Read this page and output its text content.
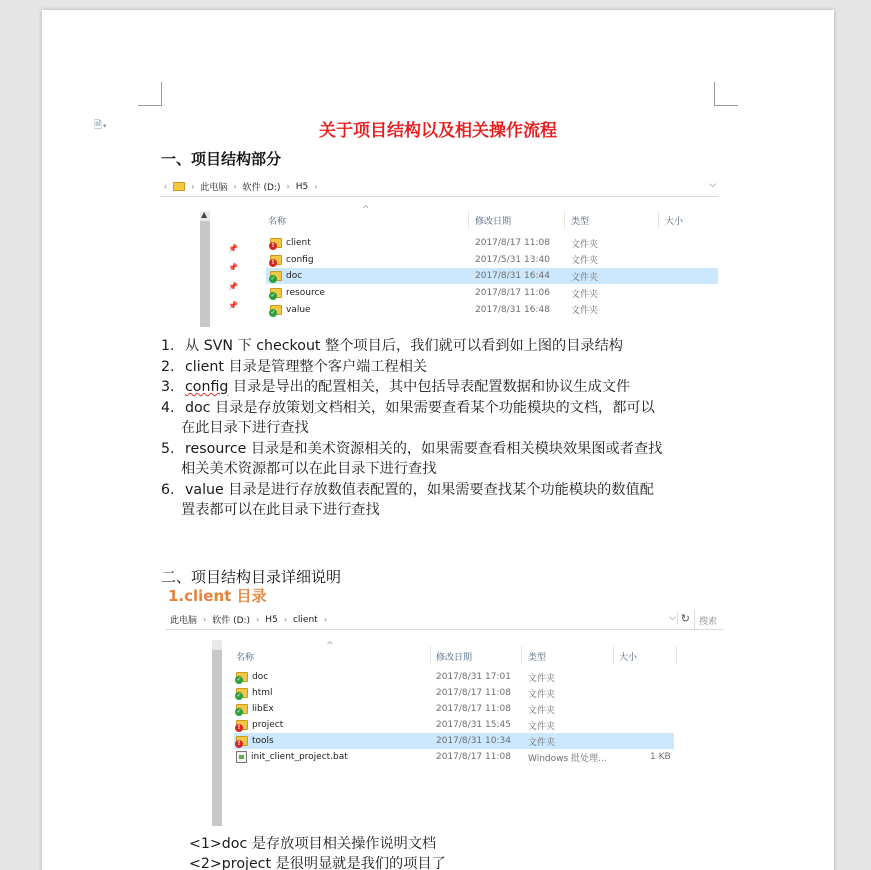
🗎▾	关于项目结构以及相关操作流程
一、项目结构部分
‹	› 此电脑 › 软件 (D:) › H5 ›	⌵
▲
📌
📌
📌
📌
^
名称	修改日期	类型	大小
! client	2017/8/17 11:08 文件夹
! config	2017/5/31 13:40 文件夹
✓ doc	2017/8/31 16:44 文件夹
✓ resource	2017/8/17 11:06 文件夹
✓ value	2017/8/31 16:48 文件夹
1. 从 SVN 下 checkout 整个项目后，我们就可以看到如上图的目录结构
2. client 目录是管理整个客户端工程相关
3. config 目录是导出的配置相关，其中包括导表配置数据和协议生成文件
4. doc 目录是存放策划文档相关，如果需要查看某个功能模块的文档，都可以
在此目录下进行查找
5. resource 目录是和美术资源相关的，如果需要查看相关模块效果图或者查找
相关美术资源都可以在此目录下进行查找
6. value 目录是进行存放数值表配置的，如果需要查找某个功能模块的数值配
置表都可以在此目录下进行查找
二、项目结构目录详细说明
1.client 目录
此电脑 › 软件 (D:) › H5 › client ›	⌵ ↻	搜索
^
名称	修改日期	类型	大小
✓ doc	2017/8/31 17:01 文件夹
✓ html	2017/8/17 11:08 文件夹
✓ libEx	2017/8/17 11:08 文件夹
! project	2017/8/31 15:45 文件夹
! tools	2017/8/31 10:34 文件夹
init_client_project.bat	2017/8/17 11:08 Windows 批处理...	1 KB
<1>doc 是存放项目相关操作说明文档
<2>project 是很明显就是我们的项目了
